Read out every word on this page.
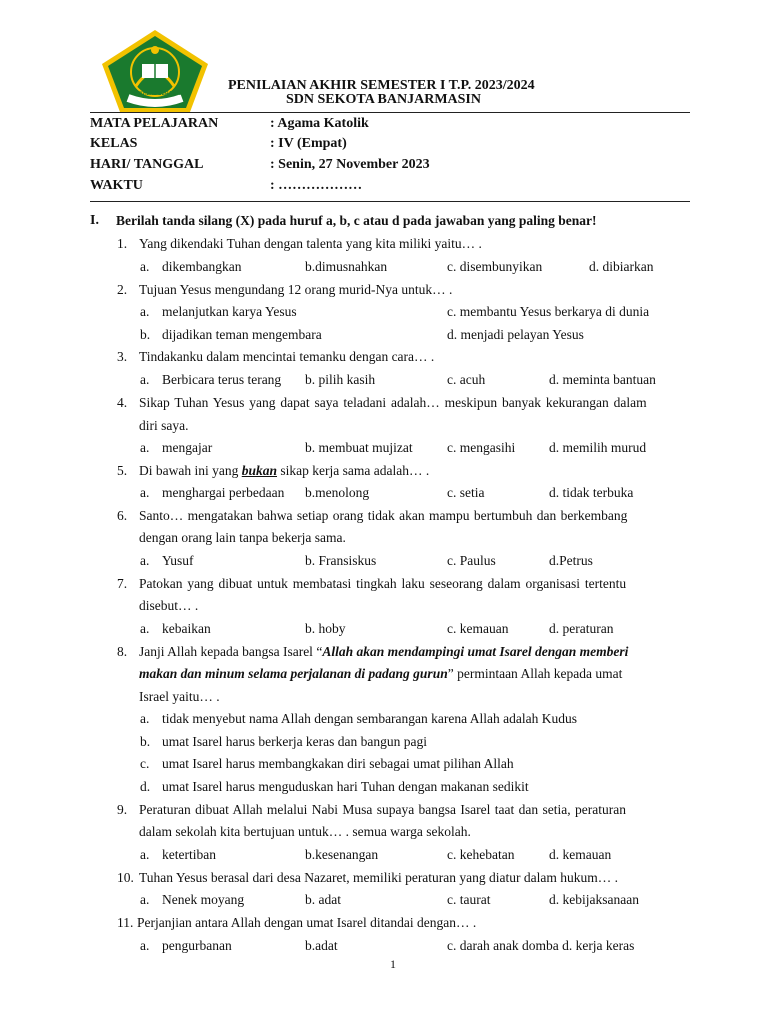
IKHLAS BERAMAL
PENILAIAN AKHIR SEMESTER I T.P. 2023/2024
SDN SEKOTA BANJARMASIN
MATA PELAJARAN	: Agama Katolik
KELAS	: IV (Empat)
HARI/ TANGGAL	: Senin, 27 November 2023
WAKTU	: ………………
I. Berilah tanda silang (X) pada huruf a, b, c atau d pada jawaban yang paling benar!
1. Yang dikendaki Tuhan dengan talenta yang kita miliki yaitu… .
a. dikembangkan	b.dimusnahkan	c. disembunyikan	d. dibiarkan
2. Tujuan Yesus mengundang 12 orang murid-Nya untuk… .
a. melanjutkan karya Yesus	c. membantu Yesus berkarya di dunia
b. dijadikan teman mengembara	d. menjadi pelayan Yesus
3. Tindakanku dalam mencintai temanku dengan cara… .
a. Berbicara terus terang b. pilih kasih	c. acuh	d. meminta bantuan
4. Sikap Tuhan Yesus yang dapat saya teladani adalah… meskipun banyak kekurangan dalam
diri saya.
a. mengajar	b. membuat mujizat	c. mengasihi	d. memilih murud
5. Di bawah ini yang bukan sikap kerja sama adalah… .
a. menghargai perbedaan b.menolong	c. setia	d. tidak terbuka
6. Santo… mengatakan bahwa setiap orang tidak akan mampu bertumbuh dan berkembang
dengan orang lain tanpa bekerja sama.
a. Yusuf	b. Fransiskus	c. Paulus	d.Petrus
7. Patokan yang dibuat untuk membatasi tingkah laku seseorang dalam organisasi tertentu
disebut… .
a. kebaikan	b. hoby	c. kemauan	d. peraturan
8. Janji Allah kepada bangsa Isarel “Allah akan mendampingi umat Isarel dengan memberi
makan dan minum selama perjalanan di padang gurun” permintaan Allah kepada umat
Israel yaitu… .
a. tidak menyebut nama Allah dengan sembarangan karena Allah adalah Kudus
b. umat Isarel harus berkerja keras dan bangun pagi
c. umat Isarel harus membangkakan diri sebagai umat pilihan Allah
d. umat Isarel harus menguduskan hari Tuhan dengan makanan sedikit
9. Peraturan dibuat Allah melalui Nabi Musa supaya bangsa Isarel taat dan setia, peraturan
dalam sekolah kita bertujuan untuk… . semua warga sekolah.
a. ketertiban	b.kesenangan	c. kehebatan	d. kemauan
10. Tuhan Yesus berasal dari desa Nazaret, memiliki peraturan yang diatur dalam hukum… .
a. Nenek moyang	b. adat	c. taurat	d. kebijaksanaan
11. Perjanjian antara Allah dengan umat Isarel ditandai dengan… .
a. pengurbanan	b.adat	c. darah anak domba d. kerja keras
1
